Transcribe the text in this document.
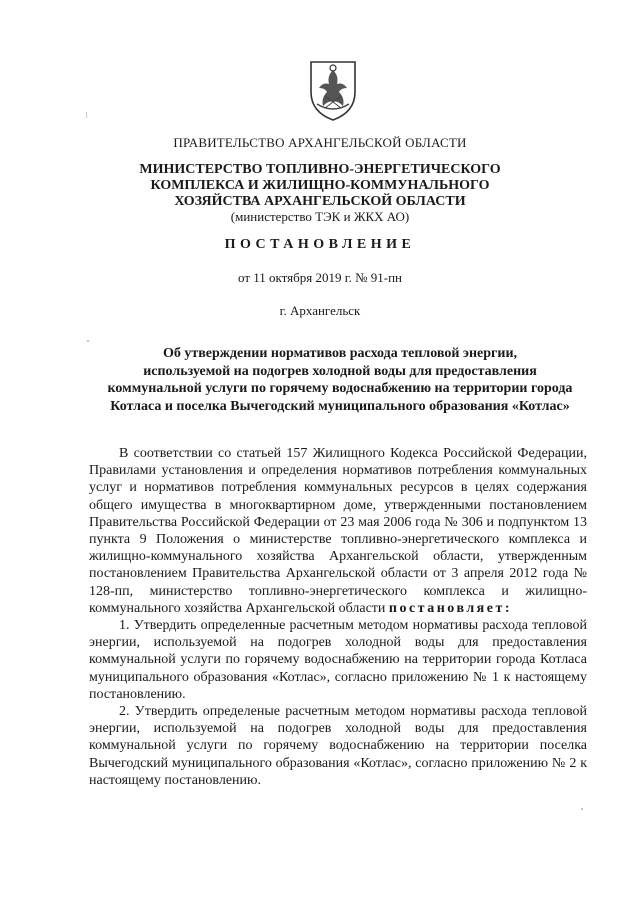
ПРАВИТЕЛЬСТВО АРХАНГЕЛЬСКОЙ ОБЛАСТИ
МИНИСТЕРСТВО ТОПЛИВНО-ЭНЕРГЕТИЧЕСКОГО
КОМПЛЕКСА И ЖИЛИЩНО-КОММУНАЛЬНОГО
ХОЗЯЙСТВА АРХАНГЕЛЬСКОЙ ОБЛАСТИ
(министерство ТЭК и ЖКХ АО)
ПОСТАНОВЛЕНИЕ
от 11 октября 2019 г. № 91-пн
г. Архангельск
Об утверждении нормативов расхода тепловой энергии,
используемой на подогрев холодной воды для предоставления
коммунальной услуги по горячему водоснабжению на территории города
Котласа и поселка Вычегодский муниципального образования «Котлас»

В соответствии со статьей 157 Жилищного Кодекса Российской Федерации, Правилами установления и определения нормативов потребления коммунальных услуг и нормативов потребления коммунальных ресурсов в целях содержания общего имущества в многоквартирном доме, утвержденными постановлением Правительства Российской Федерации от 23 мая 2006 года № 306 и подпунктом 13 пункта 9 Положения о министерстве топливно-энергетического комплекса и жилищно-коммунального хозяйства Архангельской области, утвержденным постановлением Правительства Архангельской области от 3 апреля 2012 года № 128-пп, министерство топливно-энергетического комплекса и жилищно-коммунального хозяйства Архангельской области постановляет:

1. Утвердить определенные расчетным методом нормативы расхода тепловой энергии, используемой на подогрев холодной воды для предоставления коммунальной услуги по горячему водоснабжению на территории города Котласа муниципального образования «Котлас», согласно приложению № 1 к настоящему постановлению.

2. Утвердить определеные расчетным методом нормативы расхода тепловой энергии, используемой на подогрев холодной воды для предоставления коммунальной услуги по горячему водоснабжению на территории поселка Вычегодский муниципального образования «Котлас», согласно приложению № 2 к настоящему постановлению.
